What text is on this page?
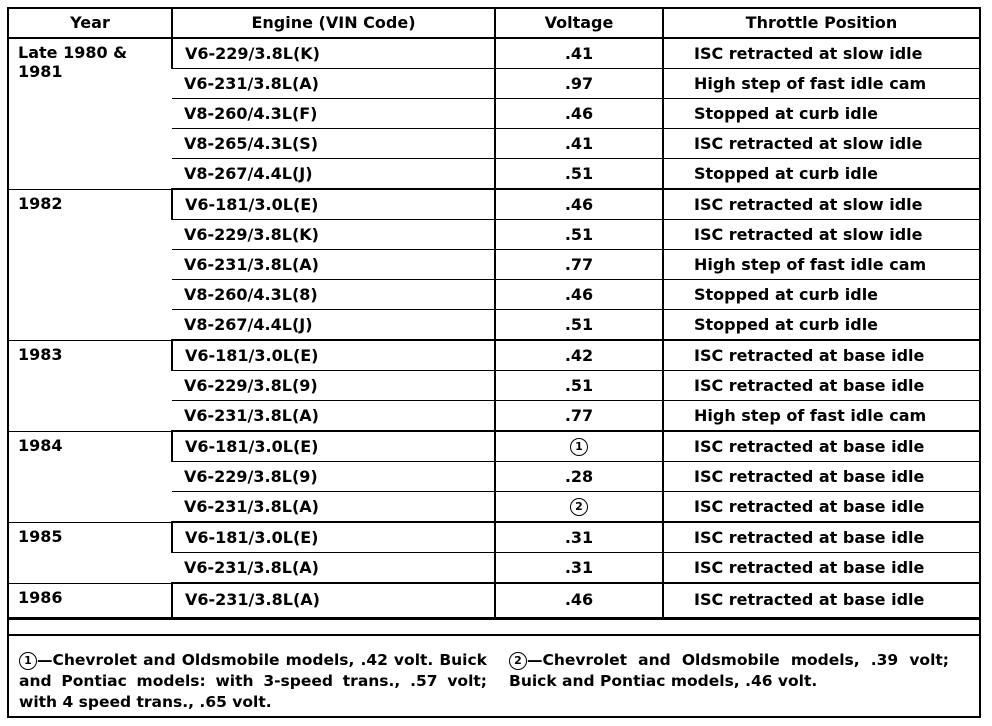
Year	Engine (VIN Code)	Voltage	Throttle Position
Late 1980 & 1981	V6-229/3.8L(K)	.41	ISC retracted at slow idle
	V6-231/3.8L(A)	.97	High step of fast idle cam
	V8-260/4.3L(F)	.46	Stopped at curb idle
	V8-265/4.3L(S)	.41	ISC retracted at slow idle
	V8-267/4.4L(J)	.51	Stopped at curb idle
1982	V6-181/3.0L(E)	.46	ISC retracted at slow idle
	V6-229/3.8L(K)	.51	ISC retracted at slow idle
	V6-231/3.8L(A)	.77	High step of fast idle cam
	V8-260/4.3L(8)	.46	Stopped at curb idle
	V8-267/4.4L(J)	.51	Stopped at curb idle
1983	V6-181/3.0L(E)	.42	ISC retracted at base idle
	V6-229/3.8L(9)	.51	ISC retracted at base idle
	V6-231/3.8L(A)	.77	High step of fast idle cam
1984	V6-181/3.0L(E)	1	ISC retracted at base idle
	V6-229/3.8L(9)	.28	ISC retracted at base idle
	V6-231/3.8L(A)	2	ISC retracted at base idle
1985	V6-181/3.0L(E)	.31	ISC retracted at base idle
	V6-231/3.8L(A)	.31	ISC retracted at base idle
1986	V6-231/3.8L(A)	.46	ISC retracted at base idle
1 —Chevrolet and Oldsmobile models, .42 volt. Buick and Pontiac models: with 3-speed trans., .57 volt; with 4 speed trans., .65 volt.
2 —Chevrolet and Oldsmobile models, .39 volt; Buick and Pontiac models, .46 volt.
